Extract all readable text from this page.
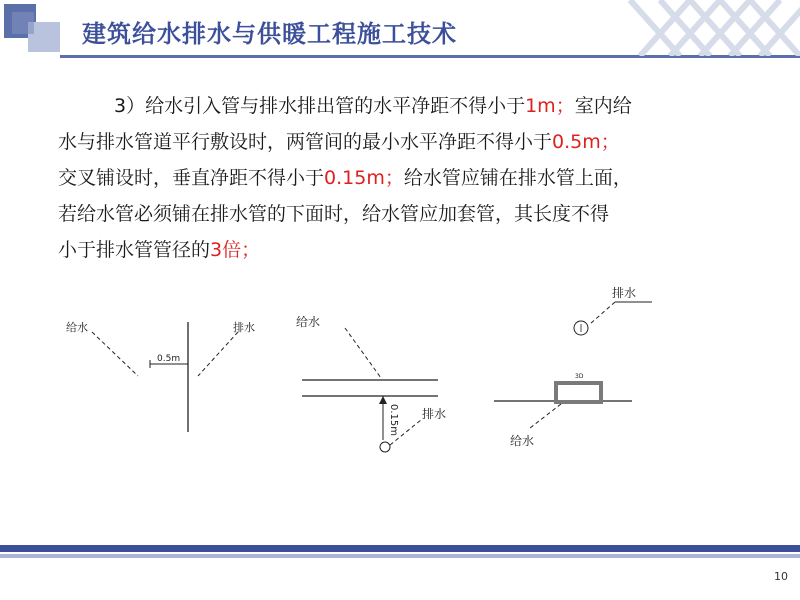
建筑给水排水与供暖工程施工技术
3）给水引入管与排水排出管的水平净距不得小于1m；室内给
水与排水管道平行敷设时，两管间的最小水平净距不得小于0.5m；
交叉铺设时，垂直净距不得小于0.15m；给水管应铺在排水管上面，
若给水管必须铺在排水管的下面时，给水管应加套管，其长度不得
小于排水管管径的3倍；
给水	排水
0.5m
给水
排水
0.15m
排水
3D
给水
10
